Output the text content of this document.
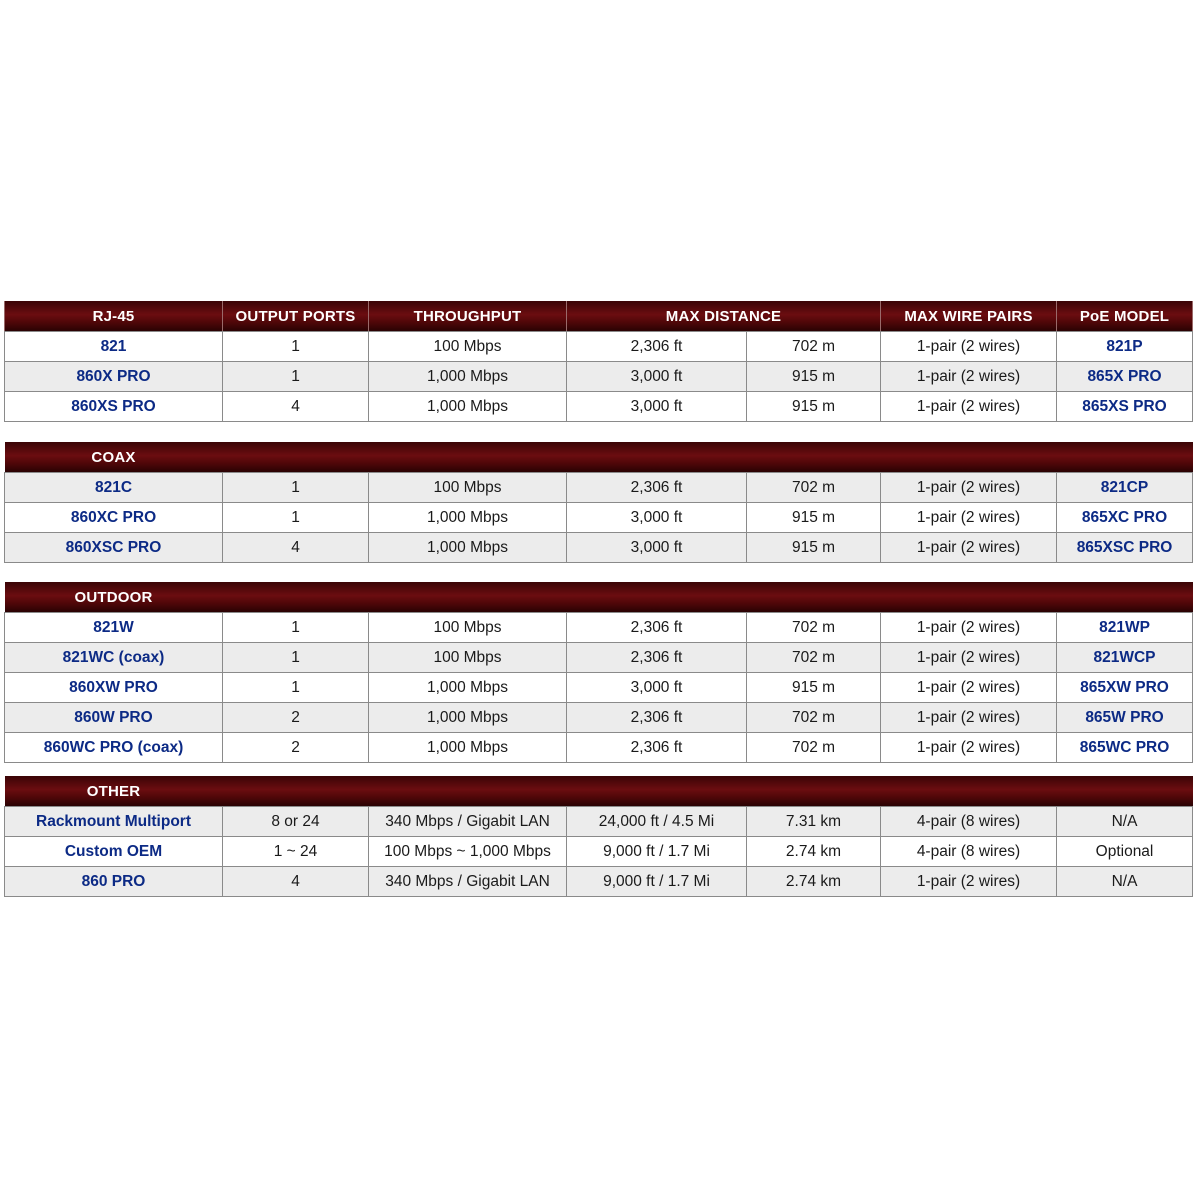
RJ-45	OUTPUT PORTS	THROUGHPUT	MAX DISTANCE		MAX WIRE PAIRS	PoE MODEL
821	1	100 Mbps	2,306 ft	702 m	1-pair (2 wires)	821P
860X PRO	1	1,000 Mbps	3,000 ft	915 m	1-pair (2 wires)	865X PRO
860XS PRO	4	1,000 Mbps	3,000 ft	915 m	1-pair (2 wires)	865XS PRO
COAX						
821C	1	100 Mbps	2,306 ft	702 m	1-pair (2 wires)	821CP
860XC PRO	1	1,000 Mbps	3,000 ft	915 m	1-pair (2 wires)	865XC PRO
860XSC PRO	4	1,000 Mbps	3,000 ft	915 m	1-pair (2 wires)	865XSC PRO
OUTDOOR						
821W	1	100 Mbps	2,306 ft	702 m	1-pair (2 wires)	821WP
821WC (coax)	1	100 Mbps	2,306 ft	702 m	1-pair (2 wires)	821WCP
860XW PRO	1	1,000 Mbps	3,000 ft	915 m	1-pair (2 wires)	865XW PRO
860W PRO	2	1,000 Mbps	2,306 ft	702 m	1-pair (2 wires)	865W PRO
860WC PRO (coax)	2	1,000 Mbps	2,306 ft	702 m	1-pair (2 wires)	865WC PRO
OTHER						
Rackmount Multiport	8 or 24	340 Mbps / Gigabit LAN	24,000 ft / 4.5 Mi	7.31 km	4-pair (8 wires)	N/A
Custom OEM	1 ~ 24	100 Mbps ~ 1,000 Mbps	9,000 ft / 1.7 Mi	2.74 km	4-pair (8 wires)	Optional
860 PRO	4	340 Mbps / Gigabit LAN	9,000 ft / 1.7 Mi	2.74 km	1-pair (2 wires)	N/A
